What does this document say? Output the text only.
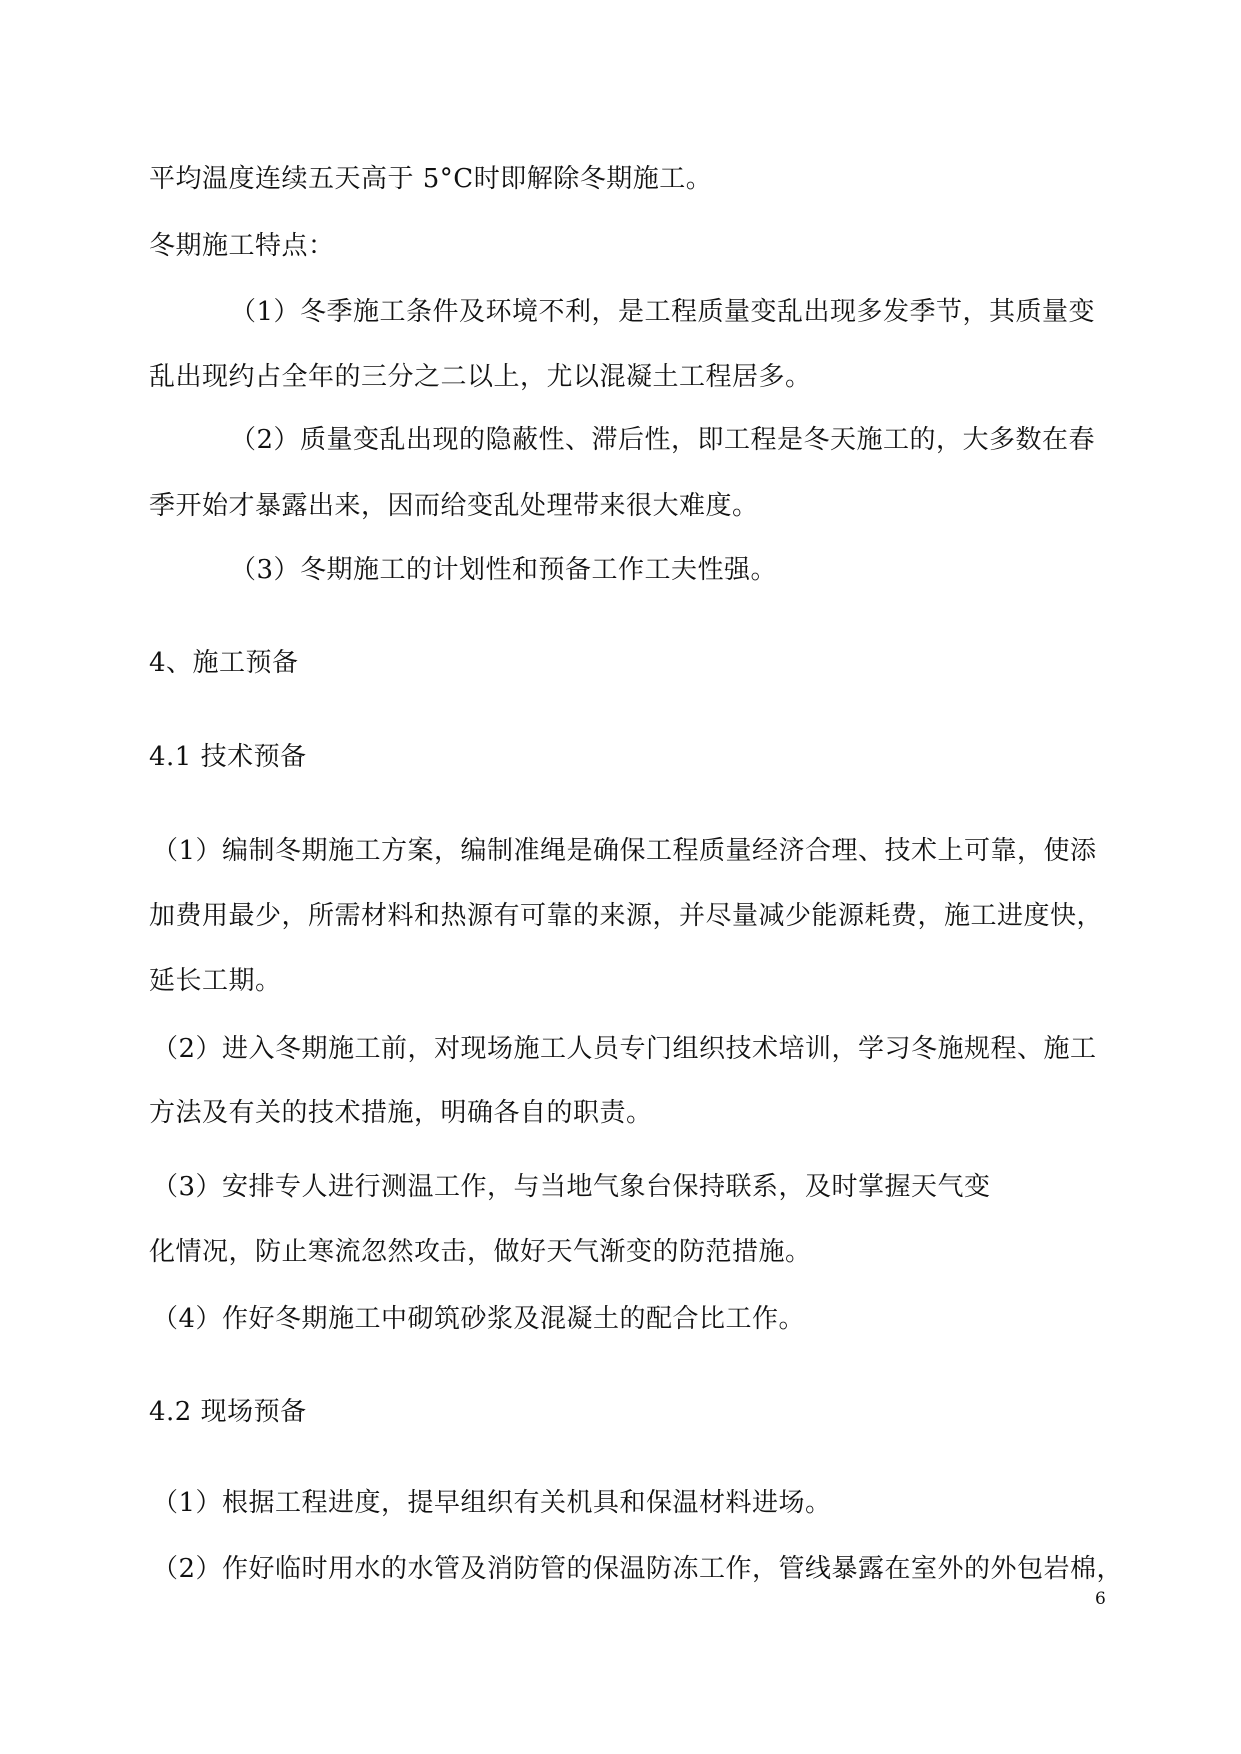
平均温度连续五天高于 5°C时即解除冬期施工。
冬期施工特点：
（1）冬季施工条件及环境不利，是工程质量变乱出现多发季节，其质量变
乱出现约占全年的三分之二以上，尤以混凝土工程居多。
（2）质量变乱出现的隐蔽性、滞后性，即工程是冬天施工的，大多数在春
季开始才暴露出来，因而给变乱处理带来很大难度。
（3）冬期施工的计划性和预备工作工夫性强。
4、施工预备
4.1 技术预备
（1）编制冬期施工方案，编制准绳是确保工程质量经济合理、技术上可靠，使添
加费用最少，所需材料和热源有可靠的来源，并尽量减少能源耗费，施工进度快，
延长工期。
（2）进入冬期施工前，对现场施工人员专门组织技术培训，学习冬施规程、施工
方法及有关的技术措施，明确各自的职责。
（3）安排专人进行测温工作，与当地气象台保持联系，及时掌握天气变
化情况，防止寒流忽然攻击，做好天气渐变的防范措施。
（4）作好冬期施工中砌筑砂浆及混凝土的配合比工作。
4.2 现场预备
（1）根据工程进度，提早组织有关机具和保温材料进场。
（2）作好临时用水的水管及消防管的保温防冻工作，管线暴露在室外的外包岩棉，
6
